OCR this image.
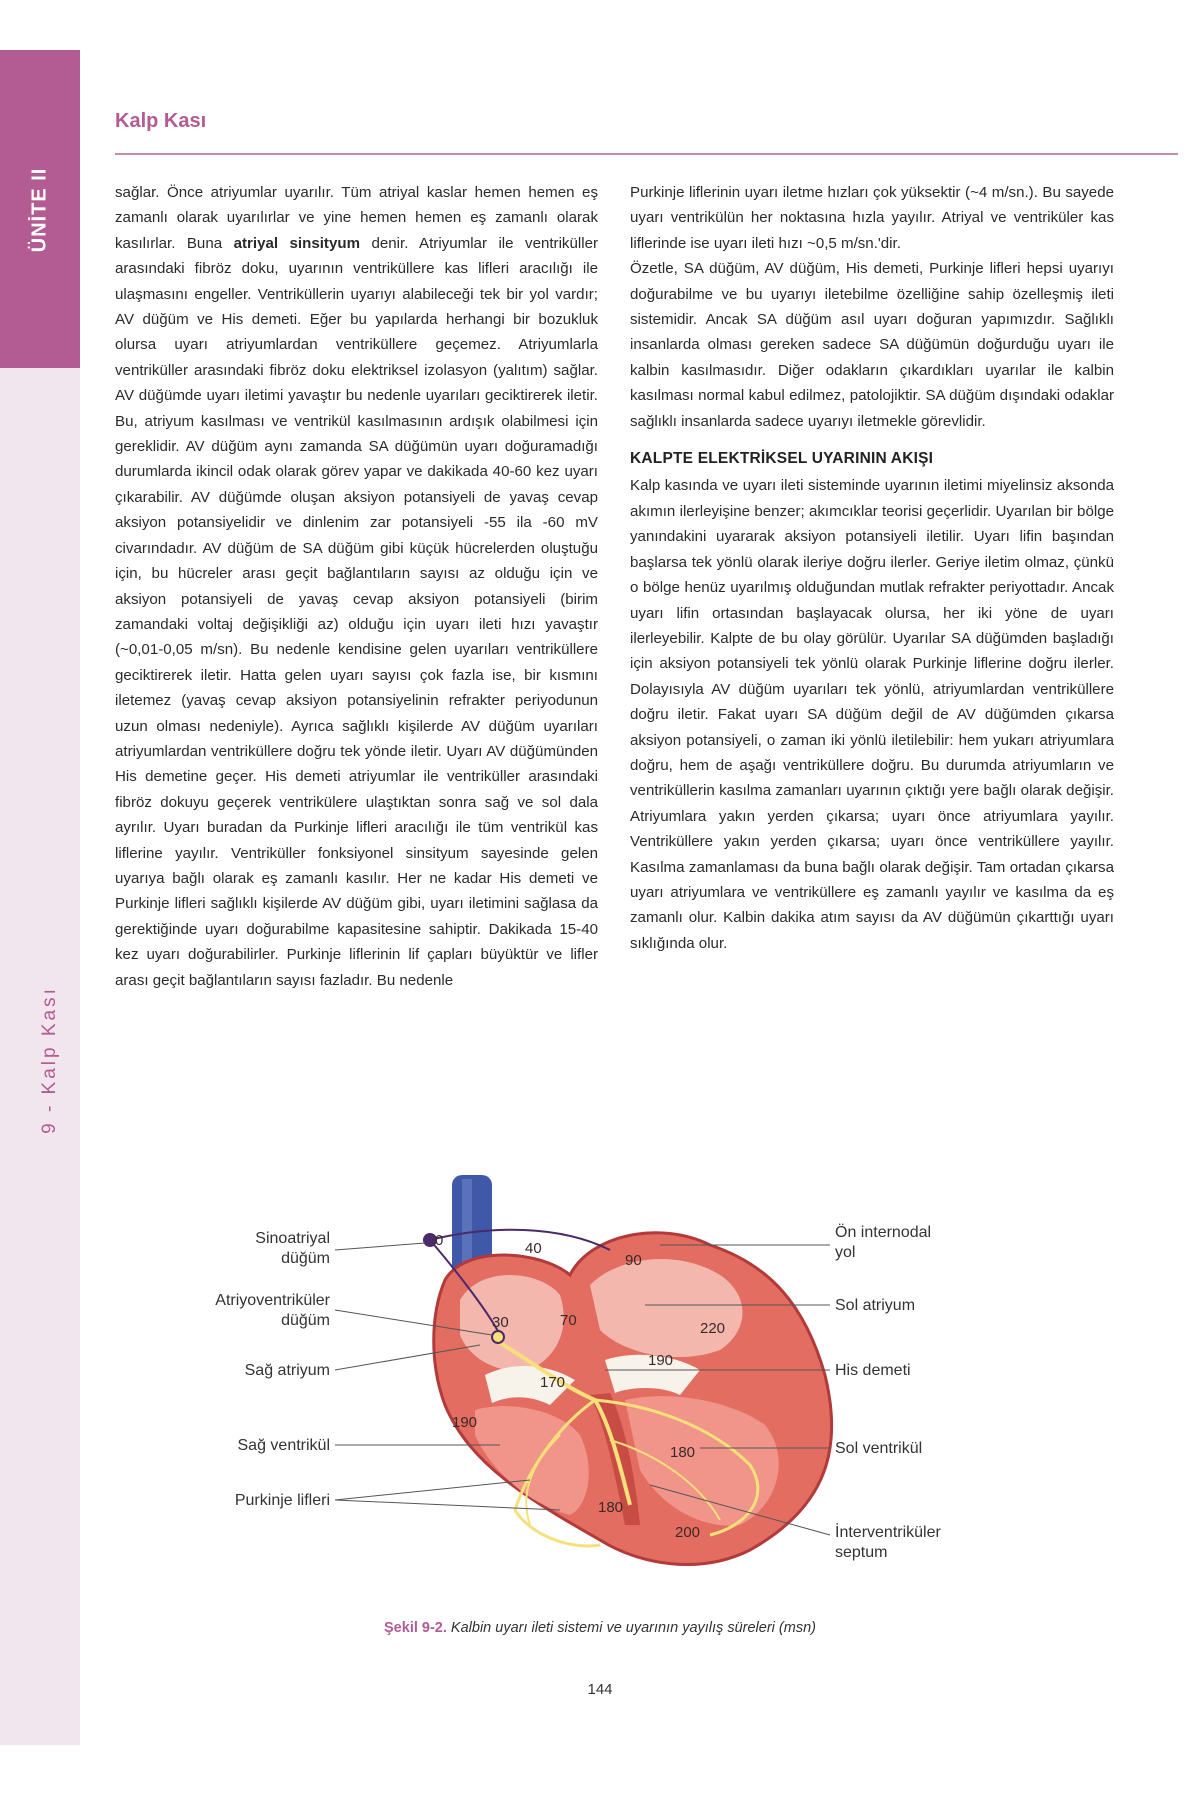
ÜNİTE II
9 - Kalp Kası
Kalp Kası

sağlar. Önce atriyumlar uyarılır. Tüm atriyal kaslar hemen hemen eş zamanlı olarak uyarılırlar ve yine hemen hemen eş zamanlı olarak kasılırlar. Buna atriyal sinsityum denir. Atriyumlar ile ventriküller arasındaki fibröz doku, uyarının ventriküllere kas lifleri aracılığı ile ulaşmasını engeller. Ventriküllerin uyarıyı alabileceği tek bir yol vardır; AV düğüm ve His demeti. Eğer bu yapılarda herhangi bir bozukluk olursa uyarı atriyumlardan ventriküllere geçemez. Atriyumlarla ventriküller arasındaki fibröz doku elektriksel izolasyon (yalıtım) sağlar. AV düğümde uyarı iletimi yavaştır bu nedenle uyarıları geciktirerek iletir. Bu, atriyum kasılması ve ventrikül kasılmasının ardışık olabilmesi için gereklidir. AV düğüm aynı zamanda SA düğümün uyarı doğuramadığı durumlarda ikincil odak olarak görev yapar ve dakikada 40-60 kez uyarı çıkarabilir. AV düğümde oluşan aksiyon potansiyeli de yavaş cevap aksiyon potansiyelidir ve dinlenim zar potansiyeli -55 ila -60 mV civarındadır. AV düğüm de SA düğüm gibi küçük hücrelerden oluştuğu için, bu hücreler arası geçit bağlantıların sayısı az olduğu için ve aksiyon potansiyeli de yavaş cevap aksiyon potansiyeli (birim zamandaki voltaj değişikliği az) olduğu için uyarı ileti hızı yavaştır (~0,01-0,05 m/sn). Bu nedenle kendisine gelen uyarıları ventriküllere geciktirerek iletir. Hatta gelen uyarı sayısı çok fazla ise, bir kısmını iletemez (yavaş cevap aksiyon potansiyelinin refrakter periyodunun uzun olması nedeniyle). Ayrıca sağlıklı kişilerde AV düğüm uyarıları atriyumlardan ventriküllere doğru tek yönde iletir. Uyarı AV düğümünden His demetine geçer. His demeti atriyumlar ile ventriküller arasındaki fibröz dokuyu geçerek ventrikülere ulaştıktan sonra sağ ve sol dala ayrılır. Uyarı buradan da Purkinje lifleri aracılığı ile tüm ventrikül kas liflerine yayılır. Ventriküller fonksiyonel sinsityum sayesinde gelen uyarıya bağlı olarak eş zamanlı kasılır. Her ne kadar His demeti ve Purkinje lifleri sağlıklı kişilerde AV düğüm gibi, uyarı iletimini sağlasa da gerektiğinde uyarı doğurabilme kapasitesine sahiptir. Dakikada 15-40 kez uyarı doğurabilirler. Purkinje liflerinin lif çapları büyüktür ve lifler arası geçit bağlantıların sayısı fazladır. Bu nedenle

Purkinje liflerinin uyarı iletme hızları çok yüksektir (~4 m/sn.). Bu sayede uyarı ventrikülün her noktasına hızla yayılır. Atriyal ve ventriküler kas liflerinde ise uyarı ileti hızı ~0,5 m/sn.'dir.

Özetle, SA düğüm, AV düğüm, His demeti, Purkinje lifleri hepsi uyarıyı doğurabilme ve bu uyarıyı iletebilme özelliğine sahip özelleşmiş ileti sistemidir. Ancak SA düğüm asıl uyarı doğuran yapımızdır. Sağlıklı insanlarda olması gereken sadece SA düğümün doğurduğu uyarı ile kalbin kasılmasıdır. Diğer odakların çıkardıkları uyarılar ile kalbin kasılması normal kabul edilmez, patolojiktir. SA düğüm dışındaki odaklar sağlıklı insanlarda sadece uyarıyı iletmekle görevlidir.

KALPTE ELEKTRİKSEL UYARININ AKIŞI

Kalp kasında ve uyarı ileti sisteminde uyarının iletimi miyelinsiz aksonda akımın ilerleyişine benzer; akımcıklar teorisi geçerlidir. Uyarılan bir bölge yanındakini uyararak aksiyon potansiyeli iletilir. Uyarı lifin başından başlarsa tek yönlü olarak ileriye doğru ilerler. Geriye iletim olmaz, çünkü o bölge henüz uyarılmış olduğundan mutlak refrakter periyottadır. Ancak uyarı lifin ortasından başlayacak olursa, her iki yöne de uyarı ilerleyebilir. Kalpte de bu olay görülür. Uyarılar SA düğümden başladığı için aksiyon potansiyeli tek yönlü olarak Purkinje liflerine doğru ilerler. Dolayısıyla AV düğüm uyarıları tek yönlü, atriyumlardan ventriküllere doğru iletir. Fakat uyarı SA düğüm değil de AV düğümden çıkarsa aksiyon potansiyeli, o zaman iki yönlü iletilebilir: hem yukarı atriyumlara doğru, hem de aşağı ventriküllere doğru. Bu durumda atriyumların ve ventriküllerin kasılma zamanları uyarının çıktığı yere bağlı olarak değişir. Atriyumlara yakın yerden çıkarsa; uyarı önce atriyumlara yayılır. Ventriküllere yakın yerden çıkarsa; uyarı önce ventriküllere yayılır. Kasılma zamanlaması da buna bağlı olarak değişir. Tam ortadan çıkarsa uyarı atriyumlara ve ventriküllere eş zamanlı yayılır ve kasılma da eş zamanlı olur. Kalbin dakika atım sayısı da AV düğümün çıkarttığı uyarı sıklığında olur.

0	40
90
30	70	220
190
170
190
180
180
200
Sinoatriyal
düğüm
Atriyoventriküler
düğüm
Sağ atriyum
Sağ ventrikül
Purkinje lifleri
Ön internodal
yol
Sol atriyum
His demeti
Sol ventrikül
İnterventriküler
septum
Şekil 9-2. Kalbin uyarı ileti sistemi ve uyarının yayılış süreleri (msn)
144
